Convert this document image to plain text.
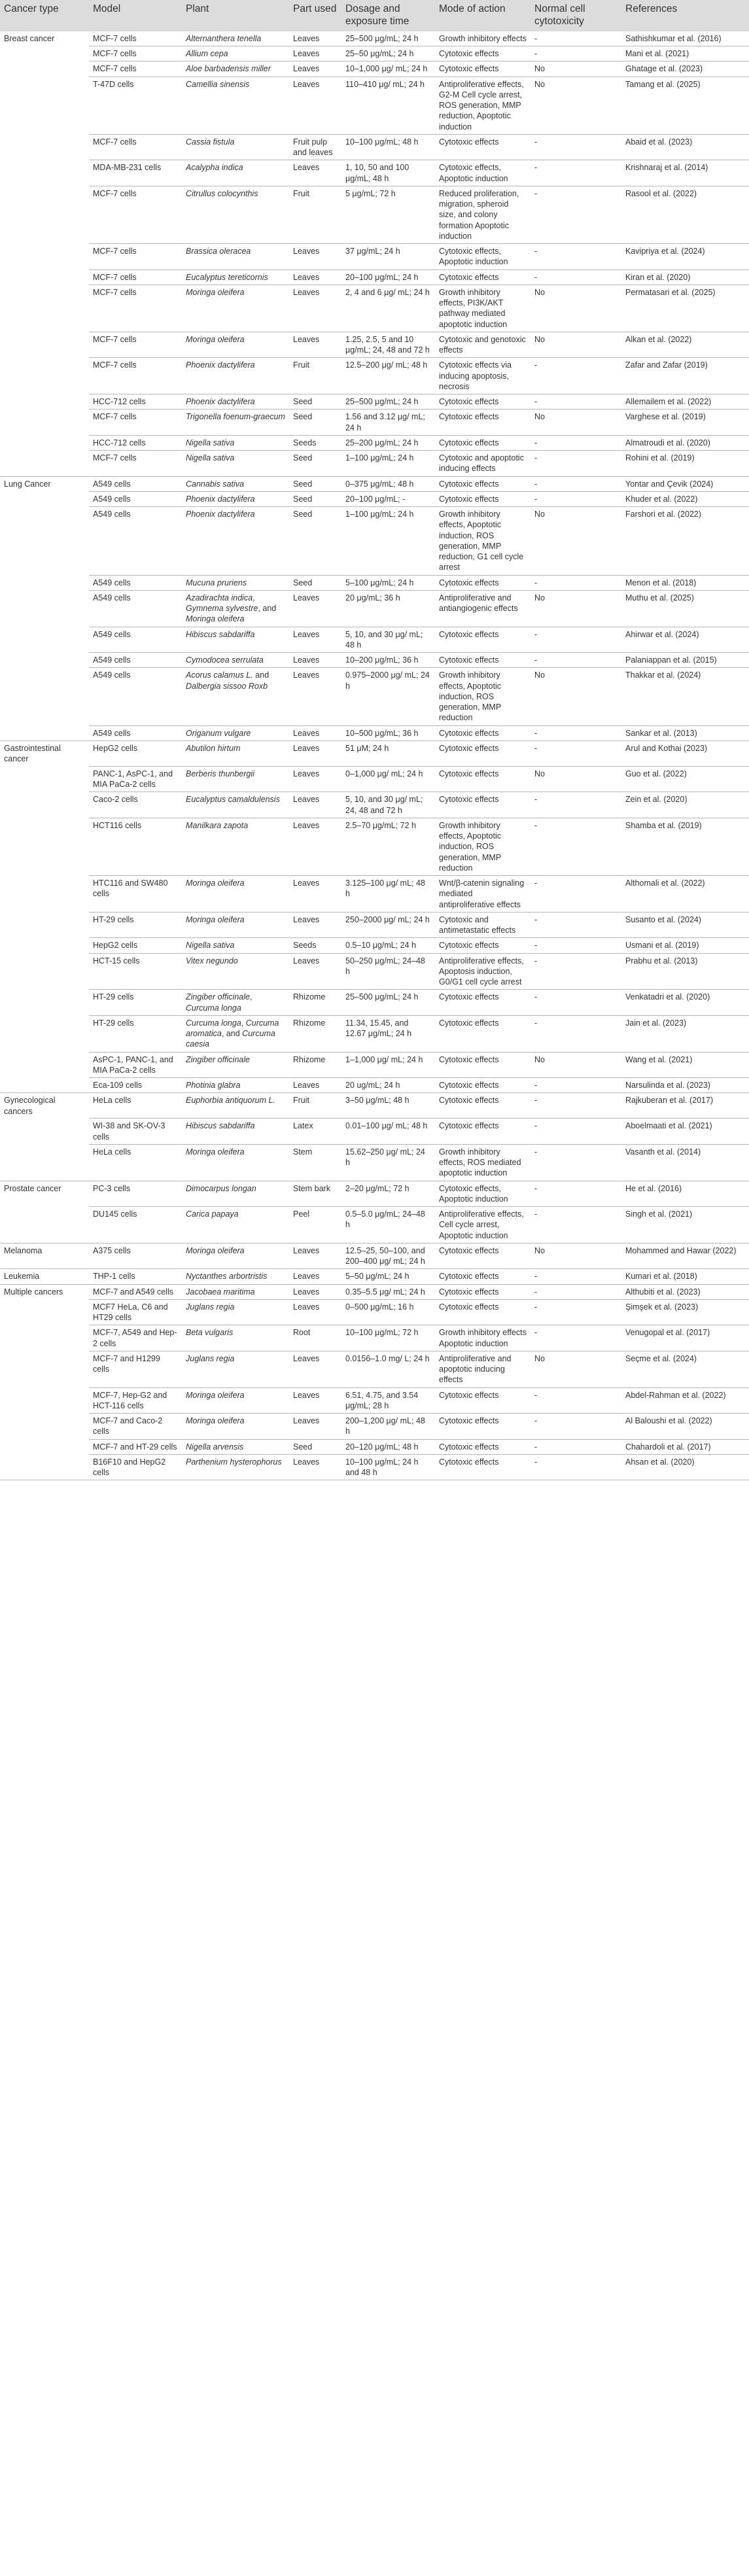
Cancer type	Model	Plant	Part used	Dosage and exposure time	Mode of action	Normal cell cytotoxicity	References
Breast cancer	MCF-7 cells	Alternanthera tenella	Leaves	25–500 μg/mL; 24 h	Growth inhibitory effects	-	Sathishkumar et al. (2016)
	MCF-7 cells	Allium cepa	Leaves	25–50 μg/mL; 24 h	Cytotoxic effects	-	Mani et al. (2021)
	MCF-7 cells	Aloe barbadensis miller	Leaves	10–1,000 μg/ mL; 24 h	Cytotoxic effects	No	Ghatage et al. (2023)
	T-47D cells	Camellia sinensis	Leaves	110–410 μg/ mL; 24 h	Antiproliferative effects, G2-M Cell cycle arrest, ROS generation, MMP reduction, Apoptotic induction	No	Tamang et al. (2025)
	MCF-7 cells	Cassia fistula	Fruit pulp and leaves	10–100 μg/mL; 48 h	Cytotoxic effects	-	Abaid et al. (2023)
	MDA-MB-231 cells	Acalypha indica	Leaves	1, 10, 50 and 100 μg/mL; 48 h	Cytotoxic effects, Apoptotic induction	-	Krishnaraj et al. (2014)
	MCF-7 cells	Citrullus colocynthis	Fruit	5 μg/mL; 72 h	Reduced proliferation, migration, spheroid size, and colony formation Apoptotic induction	-	Rasool et al. (2022)
	MCF-7 cells	Brassica oleracea	Leaves	37 μg/mL; 24 h	Cytotoxic effects, Apoptotic induction	-	Kavipriya et al. (2024)
	MCF-7 cells	Eucalyptus tereticornis	Leaves	20–100 μg/mL; 24 h	Cytotoxic effects	-	Kiran et al. (2020)
	MCF-7 cells	Moringa oleifera	Leaves	2, 4 and 6 μg/ mL; 24 h	Growth inhibitory effects, PI3K/AKT pathway mediated apoptotic induction	No	Permatasari et al. (2025)
	MCF-7 cells	Moringa oleifera	Leaves	1.25, 2.5, 5 and 10 μg/mL; 24, 48 and 72 h	Cytotoxic and genotoxic effects	No	Alkan et al. (2022)
	MCF-7 cells	Phoenix dactylifera	Fruit	12.5–200 μg/ mL; 48 h	Cytotoxic effects via inducing apoptosis, necrosis	-	Zafar and Zafar (2019)
	HCC-712 cells	Phoenix dactylifera	Seed	25–500 μg/mL; 24 h	Cytotoxic effects	-	Allemailem et al. (2022)
	MCF-7 cells	Trigonella foenum-graecum	Seed	1.56 and 3.12 μg/ mL; 24 h	Cytotoxic effects	No	Varghese et al. (2019)
	HCC-712 cells	Nigella sativa	Seeds	25–200 μg/mL; 24 h	Cytotoxic effects	-	Almatroudi et al. (2020)
	MCF-7 cells	Nigella sativa	Seed	1–100 μg/mL; 24 h	Cytotoxic and apoptotic inducing effects	-	Rohini et al. (2019)
Lung Cancer	A549 cells	Cannabis sativa	Seed	0–375 μg/mL; 48 h	Cytotoxic effects	-	Yontar and Çevik (2024)
	A549 cells	Phoenix dactylifera	Seed	20–100 μg/mL; -	Cytotoxic effects	-	Khuder et al. (2022)
	A549 cells	Phoenix dactylifera	Seed	1–100 μg/mL; 24 h	Growth inhibitory effects, Apoptotic induction, ROS generation, MMP reduction, G1 cell cycle arrest	No	Farshori et al. (2022)
	A549 cells	Mucuna pruriens	Seed	5–100 μg/mL; 24 h	Cytotoxic effects	-	Menon et al. (2018)
	A549 cells	Azadirachta indica, Gymnema sylvestre, and Moringa oleifera	Leaves	20 μg/mL; 36 h	Antiproliferative and antiangiogenic effects	No	Muthu et al. (2025)
	A549 cells	Hibiscus sabdariffa	Leaves	5, 10, and 30 μg/ mL; 48 h	Cytotoxic effects	-	Ahirwar et al. (2024)
	A549 cells	Cymodocea serrulata	Leaves	10–200 μg/mL; 36 h	Cytotoxic effects	-	Palaniappan et al. (2015)
	A549 cells	Acorus calamus L. and Dalbergia sissoo Roxb	Leaves	0.975–2000 μg/ mL; 24 h	Growth inhibitory effects, Apoptotic induction, ROS generation, MMP reduction	No	Thakkar et al. (2024)
	A549 cells	Origanum vulgare	Leaves	10–500 μg/mL; 36 h	Cytotoxic effects	-	Sankar et al. (2013)
Gastrointestinal cancer	HepG2 cells	Abutilon hirtum	Leaves	51 μM; 24 h	Cytotoxic effects	-	Arul and Kothai (2023)
	PANC-1, AsPC-1, and MIA PaCa-2 cells	Berberis thunbergii	Leaves	0–1,000 μg/ mL; 24 h	Cytotoxic effects	No	Guo et al. (2022)
	Caco-2 cells	Eucalyptus camaldulensis	Leaves	5, 10, and 30 μg/ mL; 24, 48 and 72 h	Cytotoxic effects	-	Zein et al. (2020)
	HCT116 cells	Manilkara zapota	Leaves	2.5–70 μg/mL; 72 h	Growth inhibitory effects, Apoptotic induction, ROS generation, MMP reduction	-	Shamba et al. (2019)
	HTC116 and SW480 cells	Moringa oleifera	Leaves	3.125–100 μg/ mL; 48 h	Wnt/β-catenin signaling mediated antiproliferative effects	-	Althomali et al. (2022)
	HT-29 cells	Moringa oleifera	Leaves	250–2000 μg/ mL; 24 h	Cytotoxic and antimetastatic effects	-	Susanto et al. (2024)
	HepG2 cells	Nigella sativa	Seeds	0.5–10 μg/mL; 24 h	Cytotoxic effects	-	Usmani et al. (2019)
	HCT-15 cells	Vitex negundo	Leaves	50–250 μg/mL; 24–48 h	Antiproliferative effects, Apoptosis induction, G0/G1 cell cycle arrest	-	Prabhu et al. (2013)
	HT-29 cells	Zingiber officinale, Curcuma longa	Rhizome	25–500 μg/mL; 24 h	Cytotoxic effects	-	Venkatadri et al. (2020)
	HT-29 cells	Curcuma longa, Curcuma aromatica, and Curcuma caesia	Rhizome	11.34, 15.45, and 12.67 μg/mL; 24 h	Cytotoxic effects	-	Jain et al. (2023)
	AsPC-1, PANC-1, and MIA PaCa-2 cells	Zingiber officinale	Rhizome	1–1,000 μg/ mL; 24 h	Cytotoxic effects	No	Wang et al. (2021)
	Eca-109 cells	Photinia glabra	Leaves	20 ug/mL; 24 h	Cytotoxic effects	-	Narsulinda et al. (2023)
Gynecological cancers	HeLa cells	Euphorbia antiquorum L.	Fruit	3–50 μg/mL; 48 h	Cytotoxic effects	-	Rajkuberan et al. (2017)
	WI-38 and SK-OV-3 cells	Hibiscus sabdariffa	Latex	0.01–100 μg/ mL; 48 h	Cytotoxic effects	-	Aboelmaati et al. (2021)
	HeLa cells	Moringa oleifera	Stem	15.62–250 μg/ mL; 24 h	Growth inhibitory effects, ROS mediated apoptotic induction	-	Vasanth et al. (2014)
Prostate cancer	PC-3 cells	Dimocarpus longan	Stem bark	2–20 μg/mL; 72 h	Cytotoxic effects, Apoptotic induction	-	He et al. (2016)
	DU145 cells	Carica papaya	Peel	0.5–5.0 μg/mL; 24–48 h	Antiproliferative effects, Cell cycle arrest, Apoptotic induction	-	Singh et al. (2021)
Melanoma	A375 cells	Moringa oleifera	Leaves	12.5–25, 50–100, and 200–400 μg/ mL; 24 h	Cytotoxic effects	No	Mohammed and Hawar (2022)
Leukemia	THP-1 cells	Nyctanthes arbortristis	Leaves	5–50 μg/mL; 24 h	Cytotoxic effects	-	Kumari et al. (2018)
Multiple cancers	MCF-7 and A549 cells	Jacobaea maritima	Leaves	0.35–5.5 μg/ mL; 24 h	Cytotoxic effects	-	Althubiti et al. (2023)
	MCF7 HeLa, C6 and HT29 cells	Juglans regia	Leaves	0–500 μg/mL; 16 h	Cytotoxic effects	-	Şimşek et al. (2023)
	MCF-7, A549 and Hep-2 cells	Beta vulgaris	Root	10–100 μg/mL; 72 h	Growth inhibitory effects Apoptotic induction	-	Venugopal et al. (2017)
	MCF-7 and H1299 cells	Juglans regia	Leaves	0.0156–1.0 mg/ L; 24 h	Antiproliferative and apoptotic inducing effects	No	Seçme et al. (2024)
	MCF-7, Hep-G2 and HCT-116 cells	Moringa oleifera	Leaves	6.51, 4.75, and 3.54 μg/mL; 28 h	Cytotoxic effects	-	Abdel-Rahman et al. (2022)
	MCF-7 and Caco-2 cells	Moringa oleifera	Leaves	200–1,200 μg/ mL; 48 h	Cytotoxic effects	-	Al Baloushi et al. (2022)
	MCF-7 and HT-29 cells	Nigella arvensis	Seed	20–120 μg/mL; 48 h	Cytotoxic effects	-	Chahardoli et al. (2017)
	B16F10 and HepG2 cells	Parthenium hysterophorus	Leaves	10–100 μg/mL; 24 h and 48 h	Cytotoxic effects	-	Ahsan et al. (2020)
